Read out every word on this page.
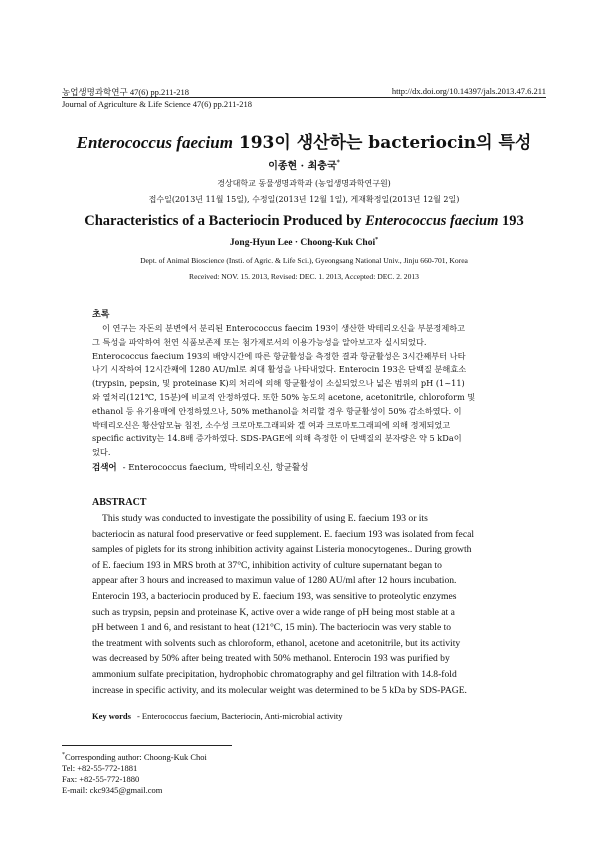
농업생명과학연구 47(6) pp.211-218	http://dx.doi.org/10.14397/jals.2013.47.6.211
Journal of Agriculture & Life Science 47(6) pp.211-218
Enterococcus faecium 193이 생산하는 bacteriocin의 특성
이종현 · 최충국*
경상대학교 동물생명과학과 (농업생명과학연구원)
접수일(2013년 11월 15일), 수정일(2013년 12월 1일), 게재확정일(2013년 12월 2일)
Characteristics of a Bacteriocin Produced by Enterococcus faecium 193
Jong-Hyun Lee · Choong-Kuk Choi*
Dept. of Animal Bioscience (Insti. of Agric. & Life Sci.), Gyeongsang National Univ., Jinju 660-701, Korea
Received: NOV. 15. 2013, Revised: DEC. 1. 2013, Accepted: DEC. 2. 2013
초록
이 연구는 자돈의 분변에서 분리된 Enterococcus faecim 193이 생산한 박테리오신을 부분정제하고
그 특성을 파악하여 천연 식품보존제 또는 첨가제로서의 이용가능성을 알아보고자 실시되었다.
Enterococcus faecium 193의 배양시간에 따른 항균활성을 측정한 결과 항균활성은 3시간째부터 나타
나기 시작하여 12시간째에 1280 AU/ml로 최대 활성을 나타내었다. Enterocin 193은 단백질 분해효소
(trypsin, pepsin, 및 proteinase K)의 처리에 의해 항균활성이 소실되었으나 넓은 범위의 pH (1~11)
와 열처리(121℃, 15분)에 비교적 안정하였다. 또한 50% 농도의 acetone, acetonitrile, chloroform 및
ethanol 등 유기용매에 안정하였으나, 50% methanol을 처리할 경우 항균활성이 50% 감소하였다. 이
박테리오신은 황산암모늄 침전, 소수성 크로마토그래피와 겔 여과 크로마토그래피에 의해 정제되었고
specific activity는 14.8배 증가하였다. SDS-PAGE에 의해 측정한 이 단백질의 분자량은 약 5 kDa이
었다.
검색어 - Enterococcus faecium, 박테리오신, 항균활성
ABSTRACT
This study was conducted to investigate the possibility of using E. faecium 193 or its
bacteriocin as natural food preservative or feed supplement. E. faecium 193 was isolated from fecal
samples of piglets for its strong inhibition activity against Listeria monocytogenes.. During growth
of E. faecium 193 in MRS broth at 37°C, inhibition activity of culture supernatant began to
appear after 3 hours and increased to maximun value of 1280 AU/ml after 12 hours incubation.
Enterocin 193, a bacteriocin produced by E. faecium 193, was sensitive to proteolytic enzymes
such as trypsin, pepsin and proteinase K, active over a wide range of pH being most stable at a
pH between 1 and 6, and resistant to heat (121°C, 15 min). The bacteriocin was very stable to
the treatment with solvents such as chloroform, ethanol, acetone and acetonitrile, but its activity
was decreased by 50% after being treated with 50% methanol. Enterocin 193 was purified by
ammonium sulfate precipitation, hydrophobic chromatography and gel filtration with 14.8-fold
increase in specific activity, and its molecular weight was determined to be 5 kDa by SDS-PAGE.
Key words - Enterococcus faecium, Bacteriocin, Anti-microbial activity
*Corresponding author: Choong-Kuk Choi
Tel: +82-55-772-1881
Fax: +82-55-772-1880
E-mail: ckc9345@gmail.com
